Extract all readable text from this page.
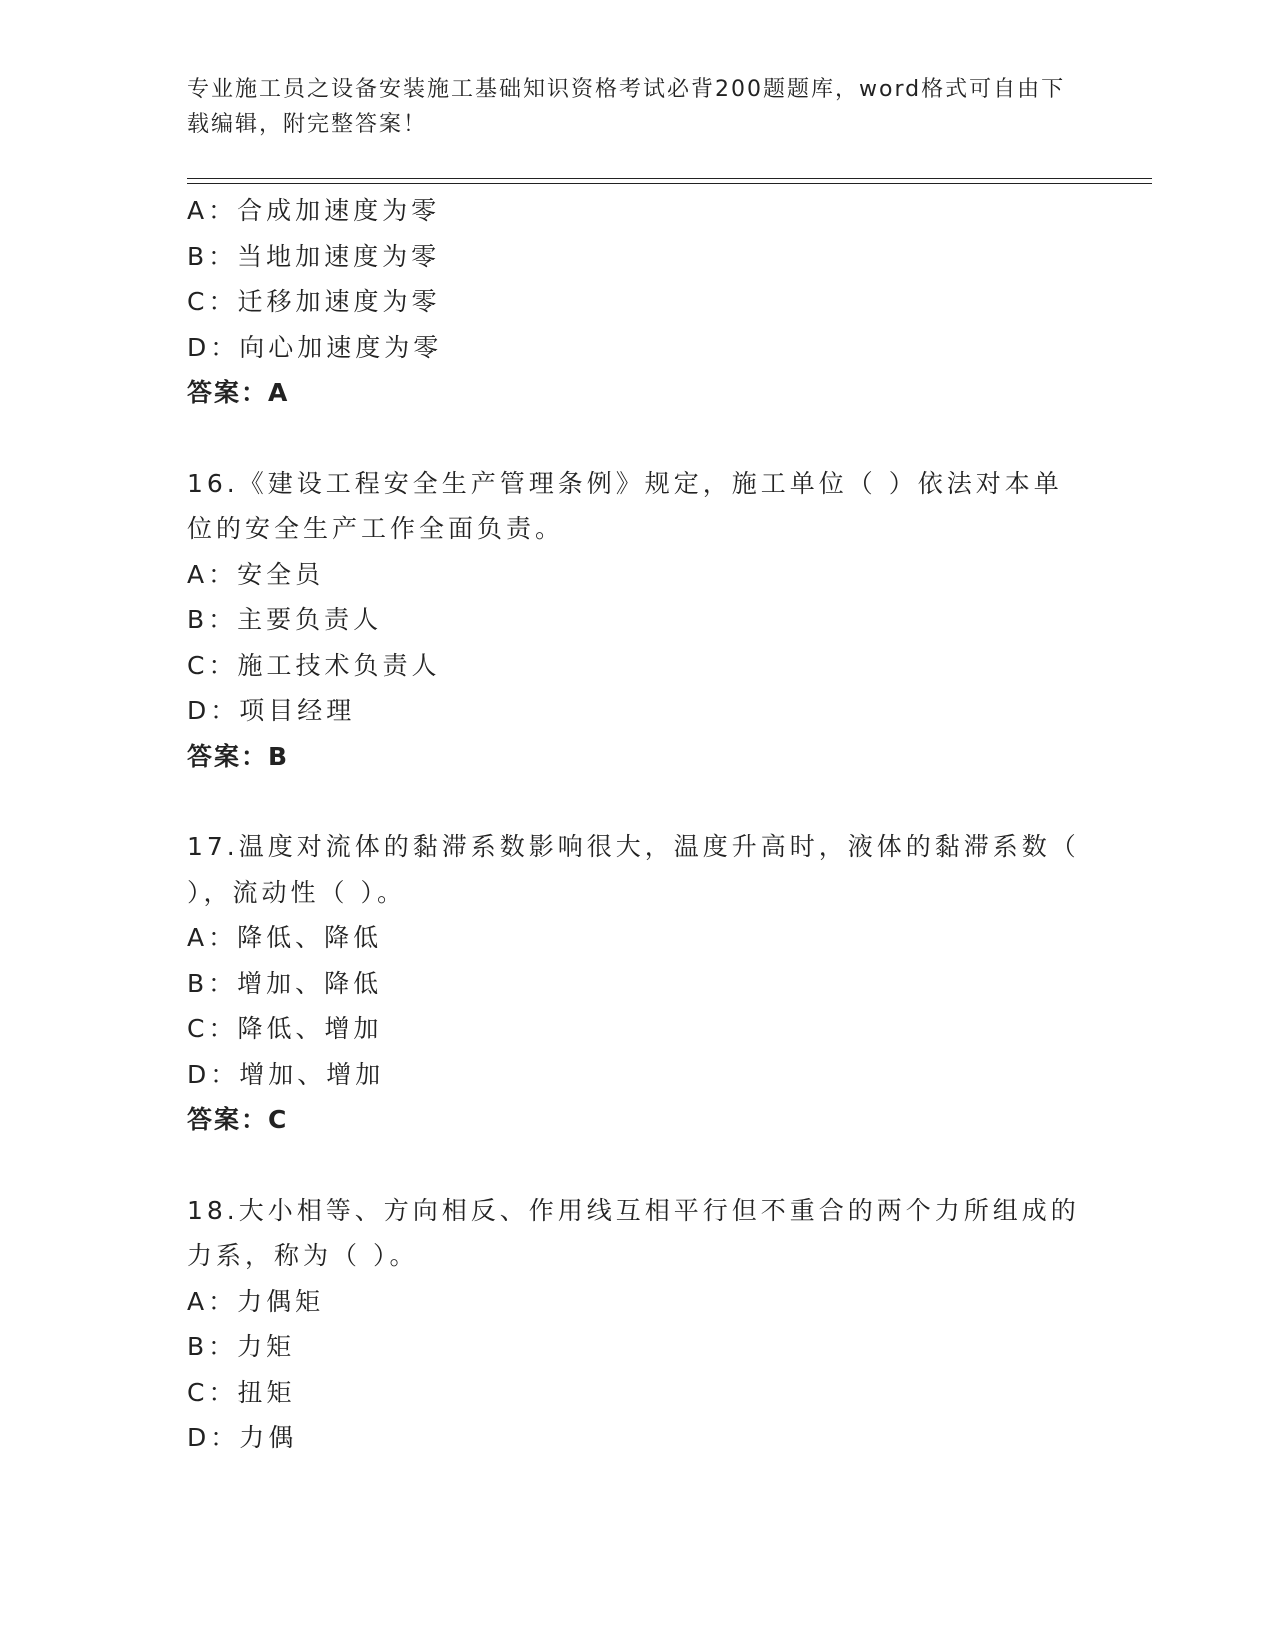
专业施工员之设备安装施工基础知识资格考试必背200题题库，word格式可自由下载编辑，附完整答案！
A：合成加速度为零
B：当地加速度为零
C：迁移加速度为零
D：向心加速度为零
答案：A
16.《建设工程安全生产管理条例》规定，施工单位（ ）依法对本单
位的安全生产工作全面负责。
A：安全员
B：主要负责人
C：施工技术负责人
D：项目经理
答案：B
17.温度对流体的黏滞系数影响很大，温度升高时，液体的黏滞系数（
），流动性（ ）。
A：降低、降低
B：增加、降低
C：降低、增加
D：增加、增加
答案：C
18.大小相等、方向相反、作用线互相平行但不重合的两个力所组成的
力系，称为（ ）。
A：力偶矩
B：力矩
C：扭矩
D：力偶
